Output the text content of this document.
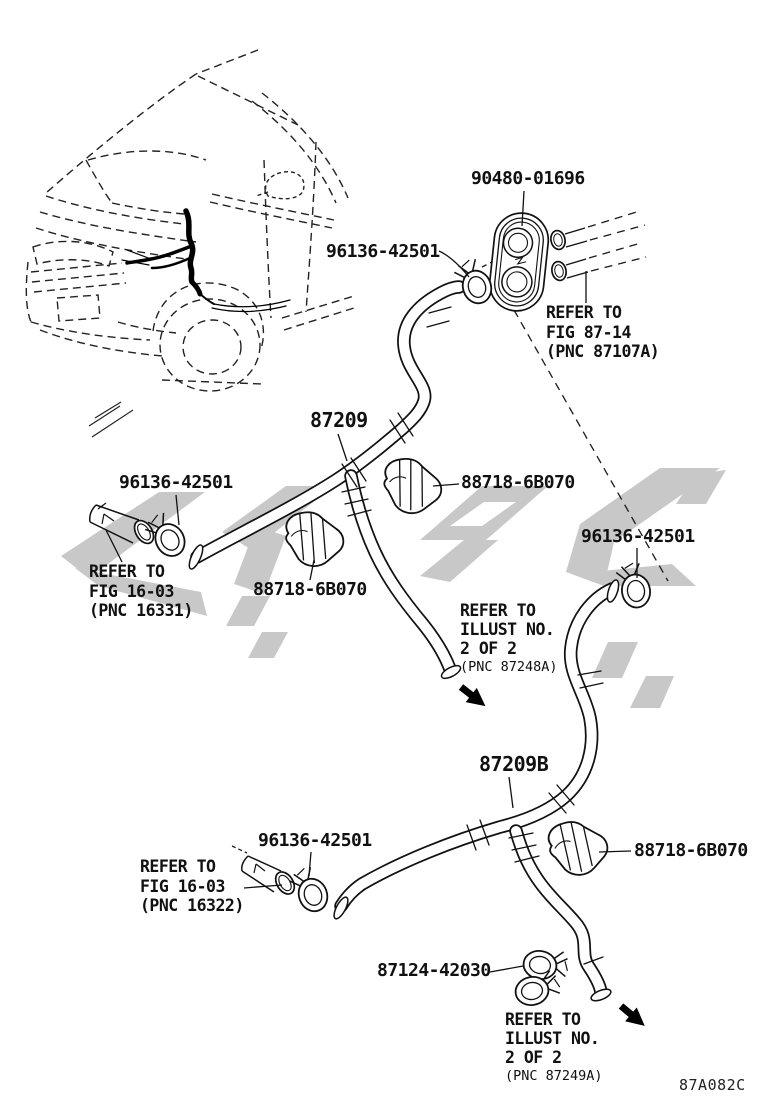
90480-01696
96136-42501
87209
96136-42501	88718-6B070
88718-6B070
96136-42501
87209B
96136-42501	88718-6B070
87124-42030
REFER TO
FIG 87-14
(PNC 87107A)
REFER TO
FIG 16-03
(PNC 16331)	REFER TO
ILLUST NO.
2 OF 2
(PNC 87248A)
REFER TO
FIG 16-03
(PNC 16322)
REFER TO
ILLUST NO.
2 OF 2
(PNC 87249A)	87A082C
